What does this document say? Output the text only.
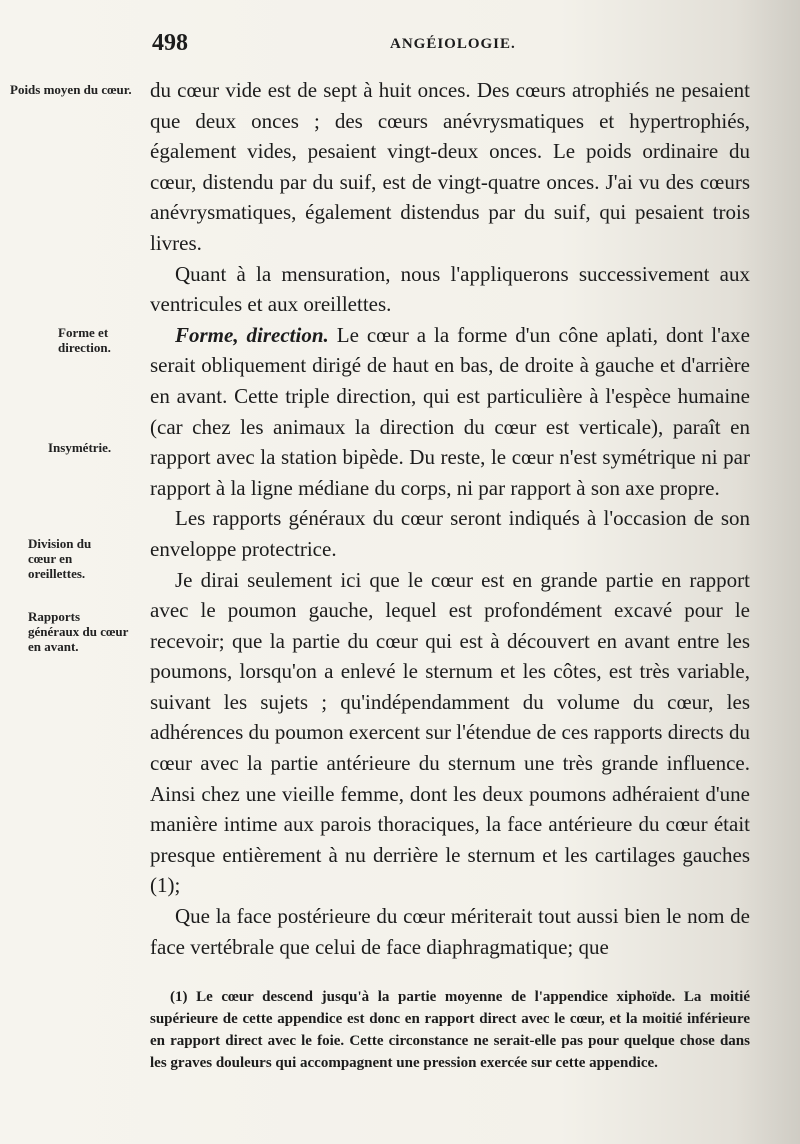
498	ANGÉIOLOGIE.
Poids moyen du cœur.
Forme et direction.
Insymétrie.
Division du cœur en oreillettes.
Rapports généraux du cœur en avant.

du cœur vide est de sept à huit onces. Des cœurs atrophiés ne pesaient que deux onces ; des cœurs anévrysmatiques et hypertrophiés, également vides, pesaient vingt-deux onces. Le poids ordinaire du cœur, distendu par du suif, est de vingt-quatre onces. J'ai vu des cœurs anévrysmatiques, également distendus par du suif, qui pesaient trois livres.

Quant à la mensuration, nous l'appliquerons successivement aux ventricules et aux oreillettes.

Forme, direction. Le cœur a la forme d'un cône aplati, dont l'axe serait obliquement dirigé de haut en bas, de droite à gauche et d'arrière en avant. Cette triple direction, qui est particulière à l'espèce humaine (car chez les animaux la direction du cœur est verticale), paraît en rapport avec la station bipède. Du reste, le cœur n'est symétrique ni par rapport à la ligne médiane du corps, ni par rapport à son axe propre.

Les rapports généraux du cœur seront indiqués à l'occasion de son enveloppe protectrice.

Je dirai seulement ici que le cœur est en grande partie en rapport avec le poumon gauche, lequel est profondément excavé pour le recevoir; que la partie du cœur qui est à découvert en avant entre les poumons, lorsqu'on a enlevé le sternum et les côtes, est très variable, suivant les sujets ; qu'indépendamment du volume du cœur, les adhérences du poumon exercent sur l'étendue de ces rapports directs du cœur avec la partie antérieure du sternum une très grande influence. Ainsi chez une vieille femme, dont les deux poumons adhéraient d'une manière intime aux parois thoraciques, la face antérieure du cœur était presque entièrement à nu derrière le sternum et les cartilages gauches (1);

Que la face postérieure du cœur mériterait tout aussi bien le nom de face vertébrale que celui de face diaphragmatique; que

(1) Le cœur descend jusqu'à la partie moyenne de l'appendice xiphoïde. La moitié supérieure de cette appendice est donc en rapport direct avec le cœur, et la moitié inférieure en rapport direct avec le foie. Cette circonstance ne serait-elle pas pour quelque chose dans les graves douleurs qui accompagnent une pression exercée sur cette appendice.
